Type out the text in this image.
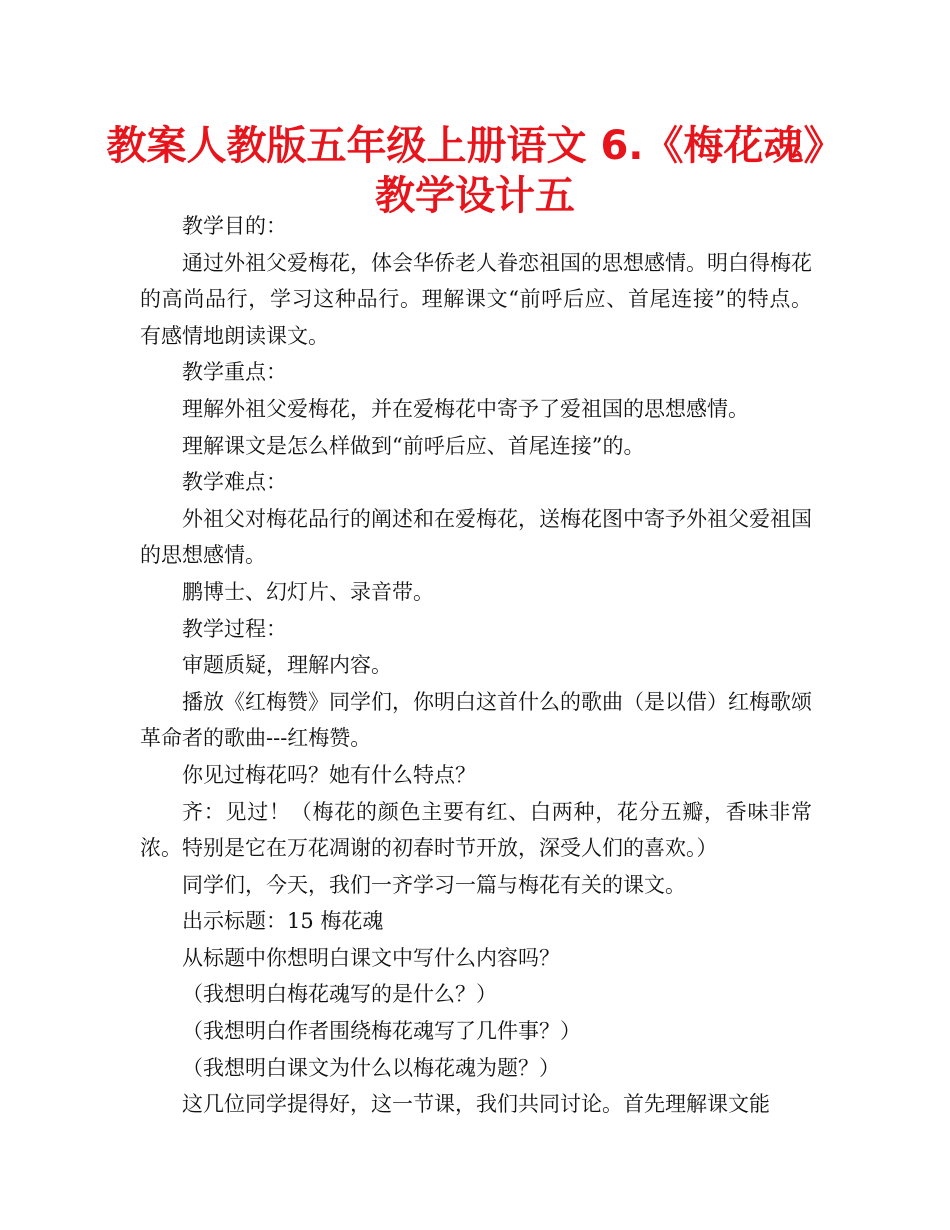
教案人教版五年级上册语文 6.《梅花魂》
教学设计五

教学目的：

通过外祖父爱梅花，体会华侨老人眷恋祖国的思想感情。明白得梅花的高尚品行，学习这种品行。理解课文“前呼后应、首尾连接”的特点。有感情地朗读课文。

教学重点：

理解外祖父爱梅花，并在爱梅花中寄予了爱祖国的思想感情。

理解课文是怎么样做到“前呼后应、首尾连接”的。

教学难点：

外祖父对梅花品行的阐述和在爱梅花，送梅花图中寄予外祖父爱祖国的思想感情。

鹏博士、幻灯片、录音带。

教学过程：

审题质疑，理解内容。

播放《红梅赞》同学们，你明白这首什么的歌曲（是以借）红梅歌颂革命者的歌曲---红梅赞。

你见过梅花吗？她有什么特点？

齐：见过！（梅花的颜色主要有红、白两种，花分五瓣，香味非常浓。特别是它在万花凋谢的初春时节开放，深受人们的喜欢。）

同学们，今天，我们一齐学习一篇与梅花有关的课文。

出示标题：15 梅花魂

从标题中你想明白课文中写什么内容吗？

（我想明白梅花魂写的是什么？）

（我想明白作者围绕梅花魂写了几件事？）

（我想明白课文为什么以梅花魂为题？）

这几位同学提得好，这一节课，我们共同讨论。首先理解课文能
